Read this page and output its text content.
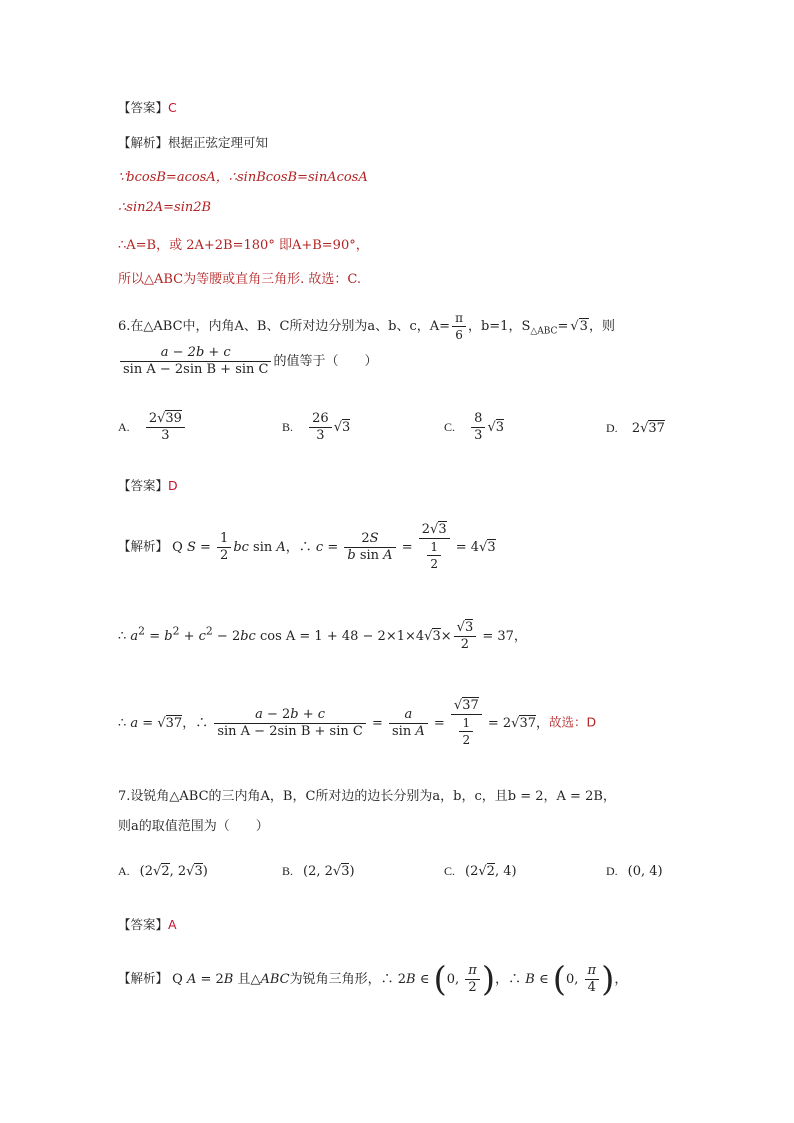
【答案】C
【解析】根据正弦定理可知
∵bcosB=acosA，∴sinBcosB=sinAcosA
∴sin2A=sin2B
∴A=B，或 2A+2B=180° 即A+B=90°，
所以△ABC为等腰或直角三角形. 故选：C.
6.在△ABC中，内角A、B、C所对边分别为a、b、c，$A= \frac{\pi}{6}$ ，b=1，$S_{\triangle ABC}= √3$，则
$\frac{a - 2b + c}{\text{sin A − 2sin B + sin C}}$ 的值等于（　　）
A. $\frac{2√39}{3}$	B. $\frac{26}{3} √3$	C. $\frac{8}{3} √3$	D. 2√37
【答案】D
【解析】 Q $S = \frac{1}{2}$ bc sin A，∴ $c = \frac{2S}{\text{b sin A}} = \frac{2√3}{\frac{1}{2}} = 4√3$
∴ $a^2 = b^2 + c^2 - 2bc$ $\cos A = 1 + 48 - 2\times 1\times 4√3\times \frac{√3}{2} = 37$，
∴ a = √37，∴ $\frac{a - 2b + c}{\text{sin A − 2sin B + sin C}} = \frac{a}{\text{sin A}} = \frac{√37}{\frac{1}{2}} = 2√37$，故选：D
7.设锐角△ABC的三内角A，B，C所对边的边长分别为a，b，c，且b = 2，A = 2B，
则a的取值范围为（　　）
A. (2√2, 2√3)	B. (2, 2√3)	C. (2√2, 4)	D. (0, 4)
【答案】A
【解析】 Q A = 2B 且△ABC为锐角三角形，∴ 2B ∈ (0, $\frac{\pi}{2}$ )，∴ B ∈ (0, $\frac{\pi}{4}$ )，
